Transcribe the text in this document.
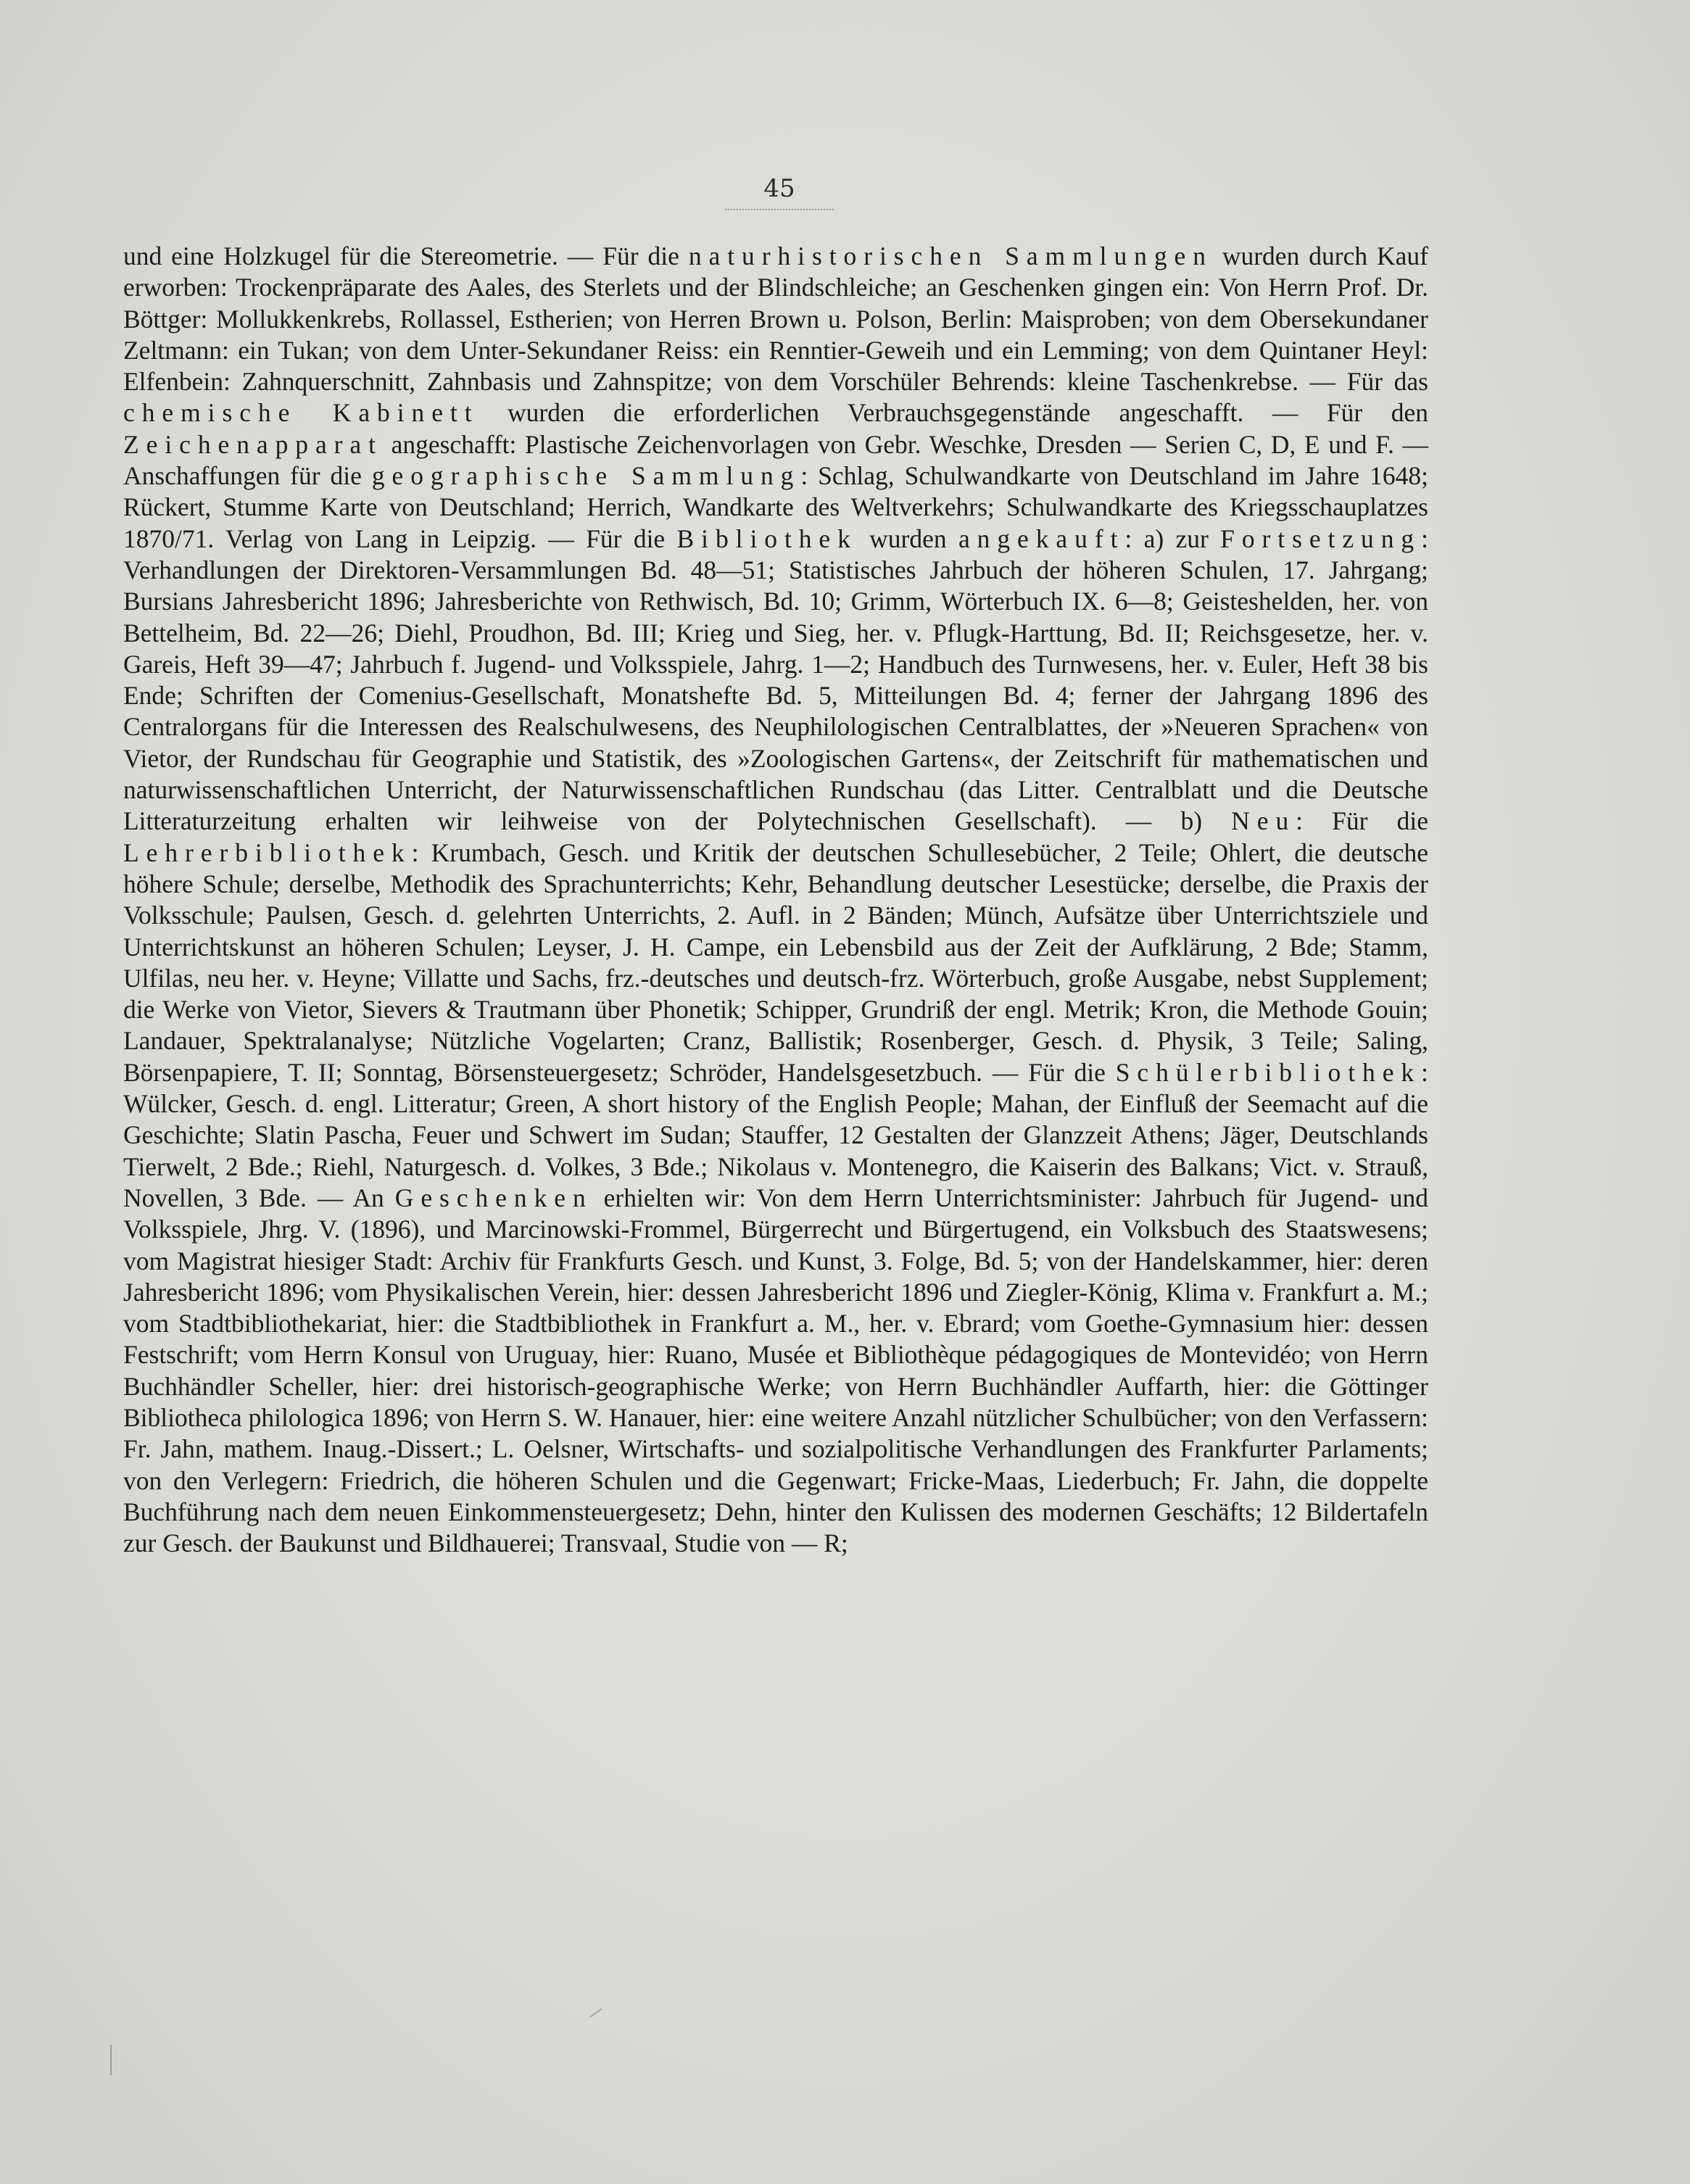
45

und eine Holzkugel für die Stereometrie. — Für die naturhistorischen Sammlungen wurden durch Kauf erworben: Trockenpräparate des Aales, des Sterlets und der Blindschleiche; an Geschenken gingen ein: Von Herrn Prof. Dr. Böttger: Mollukkenkrebs, Rollassel, Estherien; von Herren Brown u. Polson, Berlin: Maisproben; von dem Obersekundaner Zeltmann: ein Tukan; von dem Unter-Sekundaner Reiss: ein Renntier-Geweih und ein Lemming; von dem Quintaner Heyl: Elfenbein: Zahnquerschnitt, Zahnbasis und Zahnspitze; von dem Vorschüler Behrends: kleine Taschenkrebse. — Für das chemische Kabinett wurden die erforderlichen Verbrauchsgegenstände angeschafft. — Für den Zeichenapparat angeschafft: Plastische Zeichenvorlagen von Gebr. Weschke, Dresden — Serien C, D, E und F. — Anschaffungen für die geographische Sammlung: Schlag, Schulwandkarte von Deutschland im Jahre 1648; Rückert, Stumme Karte von Deutschland; Herrich, Wandkarte des Weltverkehrs; Schulwandkarte des Kriegsschauplatzes 1870/71. Verlag von Lang in Leipzig. — Für die Bibliothek wurden angekauft: a) zur Fortsetzung: Verhandlungen der Direktoren-Versammlungen Bd. 48—51; Statistisches Jahrbuch der höheren Schulen, 17. Jahrgang; Bursians Jahresbericht 1896; Jahresberichte von Rethwisch, Bd. 10; Grimm, Wörterbuch IX. 6—8; Geisteshelden, her. von Bettelheim, Bd. 22—26; Diehl, Proudhon, Bd. III; Krieg und Sieg, her. v. Pflugk-Harttung, Bd. II; Reichsgesetze, her. v. Gareis, Heft 39—47; Jahrbuch f. Jugend- und Volksspiele, Jahrg. 1—2; Handbuch des Turnwesens, her. v. Euler, Heft 38 bis Ende; Schriften der Comenius-Gesellschaft, Monatshefte Bd. 5, Mitteilungen Bd. 4; ferner der Jahrgang 1896 des Centralorgans für die Interessen des Realschulwesens, des Neuphilologischen Centralblattes, der »Neueren Sprachen« von Vietor, der Rundschau für Geographie und Statistik, des »Zoologischen Gartens«, der Zeitschrift für mathematischen und naturwissenschaftlichen Unterricht, der Naturwissenschaftlichen Rundschau (das Litter. Centralblatt und die Deutsche Litteraturzeitung erhalten wir leihweise von der Polytechnischen Gesellschaft). — b) Neu: Für die Lehrerbibliothek: Krumbach, Gesch. und Kritik der deutschen Schullesebücher, 2 Teile; Ohlert, die deutsche höhere Schule; derselbe, Methodik des Sprachunterrichts; Kehr, Behandlung deutscher Lesestücke; derselbe, die Praxis der Volksschule; Paulsen, Gesch. d. gelehrten Unterrichts, 2. Aufl. in 2 Bänden; Münch, Aufsätze über Unterrichtsziele und Unterrichtskunst an höheren Schulen; Leyser, J. H. Campe, ein Lebensbild aus der Zeit der Aufklärung, 2 Bde; Stamm, Ulfilas, neu her. v. Heyne; Villatte und Sachs, frz.-deutsches und deutsch-frz. Wörterbuch, große Ausgabe, nebst Supplement; die Werke von Vietor, Sievers & Trautmann über Phonetik; Schipper, Grundriß der engl. Metrik; Kron, die Methode Gouin; Landauer, Spektralanalyse; Nützliche Vogelarten; Cranz, Ballistik; Rosenberger, Gesch. d. Physik, 3 Teile; Saling, Börsenpapiere, T. II; Sonntag, Börsensteuergesetz; Schröder, Handelsgesetzbuch. — Für die Schülerbibliothek: Wülcker, Gesch. d. engl. Litteratur; Green, A short history of the English People; Mahan, der Einfluß der Seemacht auf die Geschichte; Slatin Pascha, Feuer und Schwert im Sudan; Stauffer, 12 Gestalten der Glanzzeit Athens; Jäger, Deutschlands Tierwelt, 2 Bde.; Riehl, Naturgesch. d. Volkes, 3 Bde.; Nikolaus v. Montenegro, die Kaiserin des Balkans; Vict. v. Strauß, Novellen, 3 Bde. — An Geschenken erhielten wir: Von dem Herrn Unterrichtsminister: Jahrbuch für Jugend- und Volksspiele, Jhrg. V. (1896), und Marcinowski-Frommel, Bürgerrecht und Bürgertugend, ein Volksbuch des Staatswesens; vom Magistrat hiesiger Stadt: Archiv für Frankfurts Gesch. und Kunst, 3. Folge, Bd. 5; von der Handelskammer, hier: deren Jahresbericht 1896; vom Physikalischen Verein, hier: dessen Jahresbericht 1896 und Ziegler-König, Klima v. Frankfurt a. M.; vom Stadtbibliothekariat, hier: die Stadtbibliothek in Frankfurt a. M., her. v. Ebrard; vom Goethe-Gymnasium hier: dessen Festschrift; vom Herrn Konsul von Uruguay, hier: Ruano, Musée et Bibliothèque pédagogiques de Montevidéo; von Herrn Buchhändler Scheller, hier: drei historisch-geographische Werke; von Herrn Buchhändler Auffarth, hier: die Göttinger Bibliotheca philologica 1896; von Herrn S. W. Hanauer, hier: eine weitere Anzahl nützlicher Schulbücher; von den Verfassern: Fr. Jahn, mathem. Inaug.-Dissert.; L. Oelsner, Wirtschafts- und sozialpolitische Verhandlungen des Frankfurter Parlaments; von den Verlegern: Friedrich, die höheren Schulen und die Gegenwart; Fricke-Maas, Liederbuch; Fr. Jahn, die doppelte Buchführung nach dem neuen Einkommensteuergesetz; Dehn, hinter den Kulissen des modernen Geschäfts; 12 Bildertafeln zur Gesch. der Baukunst und Bildhauerei; Transvaal, Studie von — R;
